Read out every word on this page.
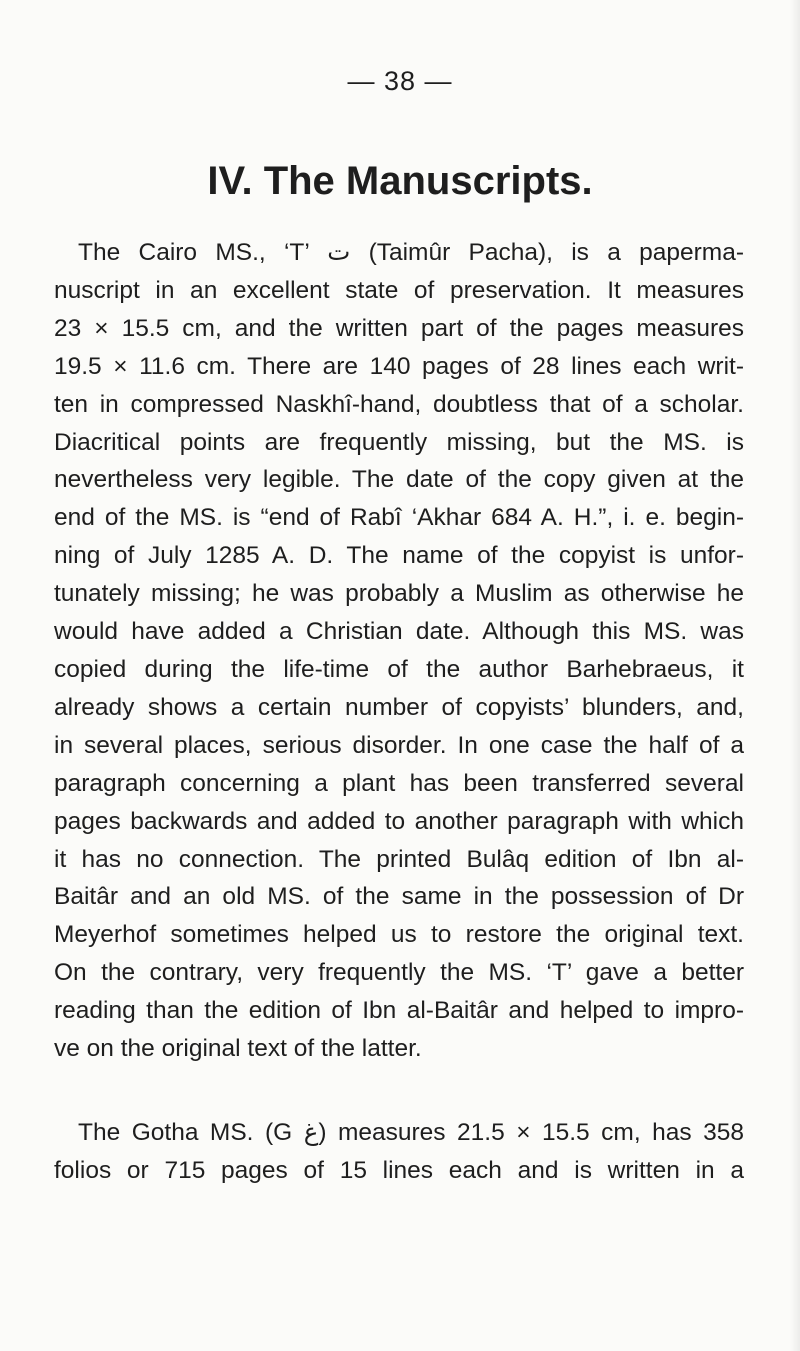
— 38 —
IV. The Manuscripts.

The Cairo MS., ‘T’ ت (Taimûr Pacha), is a paperma-
nuscript in an excellent state of preservation. It measures
23 × 15.5 cm, and the written part of the pages measures
19.5 × 11.6 cm. There are 140 pages of 28 lines each writ-
ten in compressed Naskhî-hand, doubtless that of a scholar.
Diacritical points are frequently missing, but the MS. is
nevertheless very legible. The date of the copy given at the
end of the MS. is “end of Rabî ‘Akhar 684 A. H.”, i. e. begin-
ning of July 1285 A. D. The name of the copyist is unfor-
tunately missing; he was probably a Muslim as otherwise he
would have added a Christian date. Although this MS. was
copied during the life-time of the author Barhebraeus, it
already shows a certain number of copyists’ blunders, and,
in several places, serious disorder. In one case the half of a
paragraph concerning a plant has been transferred several
pages backwards and added to another paragraph with which
it has no connection. The printed Bulâq edition of Ibn al-
Baitâr and an old MS. of the same in the possession of Dr
Meyerhof sometimes helped us to restore the original text.
On the contrary, very frequently the MS. ‘T’ gave a better
reading than the edition of Ibn al-Baitâr and helped to impro-
ve on the original text of the latter.

The Gotha MS. (G غ) measures 21.5 × 15.5 cm, has 358
folios or 715 pages of 15 lines each and is written in a
